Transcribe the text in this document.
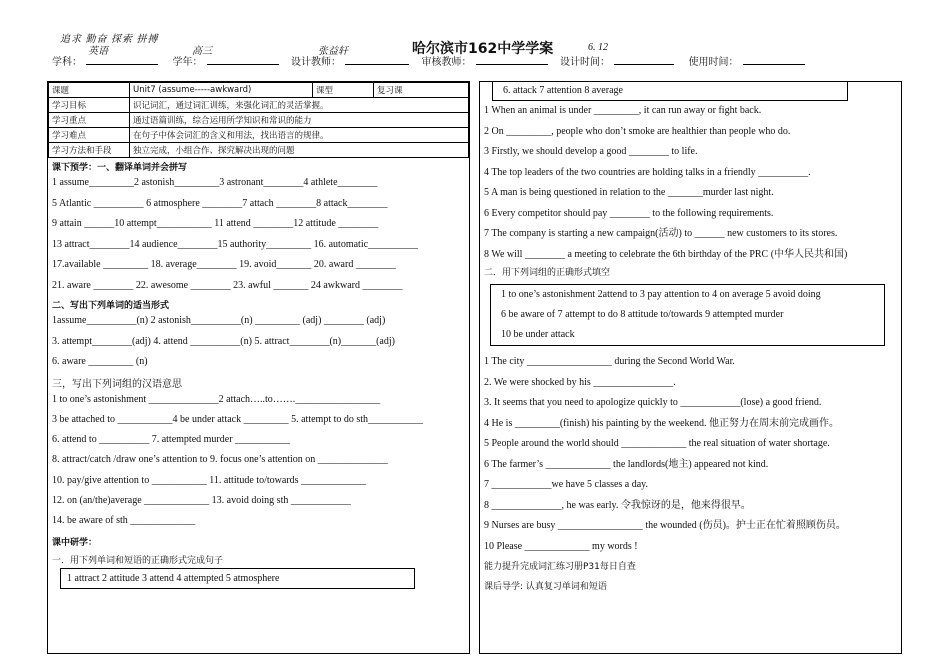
追求 勤奋 探索 拼搏
英语	高三	张益轩	哈尔滨市162中学学案	6. 12
学科：	学年：	设计教师：	审核教师：	设计时间：	使用时间：
课题	Unit7 (assume-----awkward)	课型	复习课
学习目标	识记词汇，通过词汇训练，来强化词汇的灵活掌握。		
学习重点	通过语篇训练，综合运用所学知识和常识的能力		
学习难点	在句子中体会词汇的含义和用法，找出语言的规律。		
学习方法和手段	独立完成，小组合作、探究解决出现的问题		
课下预学：一、翻译单词并会拼写
1 assume_________2 astonish_________3 astronant________4 athlete________
5 Atlantic __________ 6 atmosphere ________7 attach ________8 attack________
9 attain ______10 attempt___________ 11 attend ________12 attitude ________
13 attract________14 audience________15 authority_________ 16. automatic__________
17.available _________ 18. average________ 19. avoid_______ 20. award ________
21. aware ________ 22. awesome ________ 23. awful _______ 24 awkward ________
二、写出下列单词的适当形式
1assume__________(n) 2 astonish__________(n) _________ (adj) ________ (adj)
3. attempt________(adj) 4. attend __________(n) 5. attract________(n)_______(adj)
6. aware _________ (n)
三，写出下列词组的汉语意思
1 to one’s astonishment ______________2 attach…..to……._________________
3 be attached to ___________4 be under attack _________ 5. attempt to do sth___________
6. attend to __________ 7. attempted murder ___________
8. attract/catch /draw one’s attention to 9. focus one’s attention on ______________
10. pay/give attention to ___________ 11. attitude to/towards _____________
12. on (an/the)average _____________ 13. avoid doing sth ____________
14. be aware of sth _____________
课中研学：
一．用下列单词和短语的正确形式完成句子
1 attract 2 attitude 3 attend 4 attempted 5 atmosphere
6. attack 7 attention 8 average
1 When an animal is under _________, it can run away or fight back.
2 On _________, people who don’t smoke are healthier than people who do.
3 Firstly, we should develop a good ________ to life.
4 The top leaders of the two countries are holding talks in a friendly __________.
5 A man is being questioned in relation to the _______murder last night.
6 Every competitor should pay ________ to the following requirements.
7 The company is starting a new campaign(活动) to ______ new customers to its stores.
8 We will ________ a meeting to celebrate the 6th birthday of the PRC (中华人民共和国)
二．用下列词组的正确形式填空
1 to one’s astonishment 2attend to 3 pay attention to 4 on average 5 avoid doing
6 be aware of 7 attempt to do 8 attitude to/towards 9 attempted murder
10 be under attack
1 The city _________________ during the Second World War.
2. We were shocked by his ________________.
3. It seems that you need to apologize quickly to ____________(lose) a good friend.
4 He is _________(finish) his painting by the weekend. 他正努力在周末前完成画作。
5 People around the world should _____________ the real situation of water shortage.
6 The farmer’s _____________ the landlords(地主) appeared not kind.
7 ____________we have 5 classes a day.
8 ______________, he was early. 令我惊讶的是，他来得很早。
9 Nurses are busy _________________ the wounded (伤员)。护士正在忙着照顾伤员。
10 Please _____________ my words !
能力提升完成词汇练习册P31每日自查
课后导学: 认真复习单词和短语
